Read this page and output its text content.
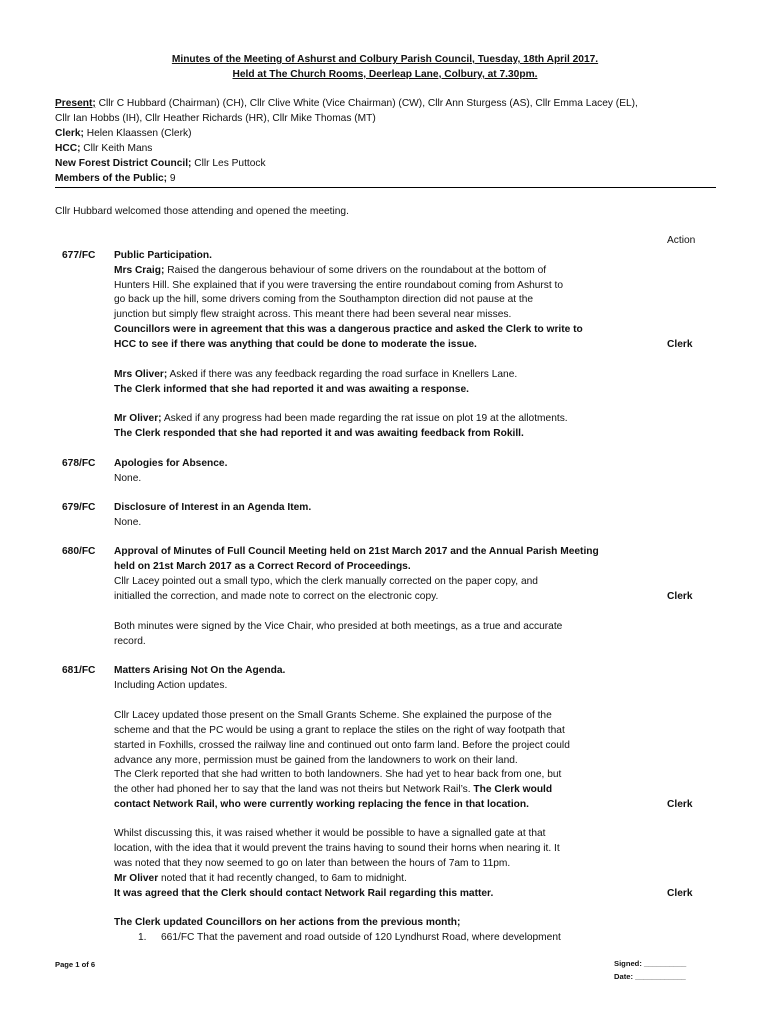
Minutes of the Meeting of Ashurst and Colbury Parish Council, Tuesday, 18th April 2017.
Held at The Church Rooms, Deerleap Lane, Colbury, at 7.30pm.
Present; Cllr C Hubbard (Chairman) (CH), Cllr Clive White (Vice Chairman) (CW), Cllr Ann Sturgess (AS), Cllr Emma Lacey (EL),
Cllr Ian Hobbs (IH), Cllr Heather Richards (HR), Cllr Mike Thomas (MT)
Clerk; Helen Klaassen (Clerk)
HCC; Cllr Keith Mans
New Forest District Council; Cllr Les Puttock
Members of the Public; 9
Cllr Hubbard welcomed those attending and opened the meeting.
Action
677/FC Public Participation.
Mrs Craig; Raised the dangerous behaviour of some drivers on the roundabout at the bottom of
Hunters Hill. She explained that if you were traversing the entire roundabout coming from Ashurst to
go back up the hill, some drivers coming from the Southampton direction did not pause at the
junction but simply flew straight across. This meant there had been several near misses.
Councillors were in agreement that this was a dangerous practice and asked the Clerk to write to
HCC to see if there was anything that could be done to moderate the issue.	Clerk
Mrs Oliver; Asked if there was any feedback regarding the road surface in Knellers Lane.
The Clerk informed that she had reported it and was awaiting a response.
Mr Oliver; Asked if any progress had been made regarding the rat issue on plot 19 at the allotments.
The Clerk responded that she had reported it and was awaiting feedback from Rokill.
678/FC Apologies for Absence.
None.
679/FC Disclosure of Interest in an Agenda Item.
None.
680/FC Approval of Minutes of Full Council Meeting held on 21st March 2017 and the Annual Parish Meeting
held on 21st March 2017 as a Correct Record of Proceedings.
Cllr Lacey pointed out a small typo, which the clerk manually corrected on the paper copy, and
initialled the correction, and made note to correct on the electronic copy.	Clerk
Both minutes were signed by the Vice Chair, who presided at both meetings, as a true and accurate
record.
681/FC Matters Arising Not On the Agenda.
Including Action updates.
Cllr Lacey updated those present on the Small Grants Scheme. She explained the purpose of the
scheme and that the PC would be using a grant to replace the stiles on the right of way footpath that
started in Foxhills, crossed the railway line and continued out onto farm land. Before the project could
advance any more, permission must be gained from the landowners to work on their land.
The Clerk reported that she had written to both landowners. She had yet to hear back from one, but
the other had phoned her to say that the land was not theirs but Network Rail’s. The Clerk would
contact Network Rail, who were currently working replacing the fence in that location.	Clerk
Whilst discussing this, it was raised whether it would be possible to have a signalled gate at that
location, with the idea that it would prevent the trains having to sound their horns when nearing it. It
was noted that they now seemed to go on later than between the hours of 7am to 11pm.
Mr Oliver noted that it had recently changed, to 6am to midnight.
It was agreed that the Clerk should contact Network Rail regarding this matter.	Clerk
The Clerk updated Councillors on her actions from the previous month;
1. 661/FC That the pavement and road outside of 120 Lyndhurst Road, where development
Page 1 of 6	Signed: __________
Date: ____________
